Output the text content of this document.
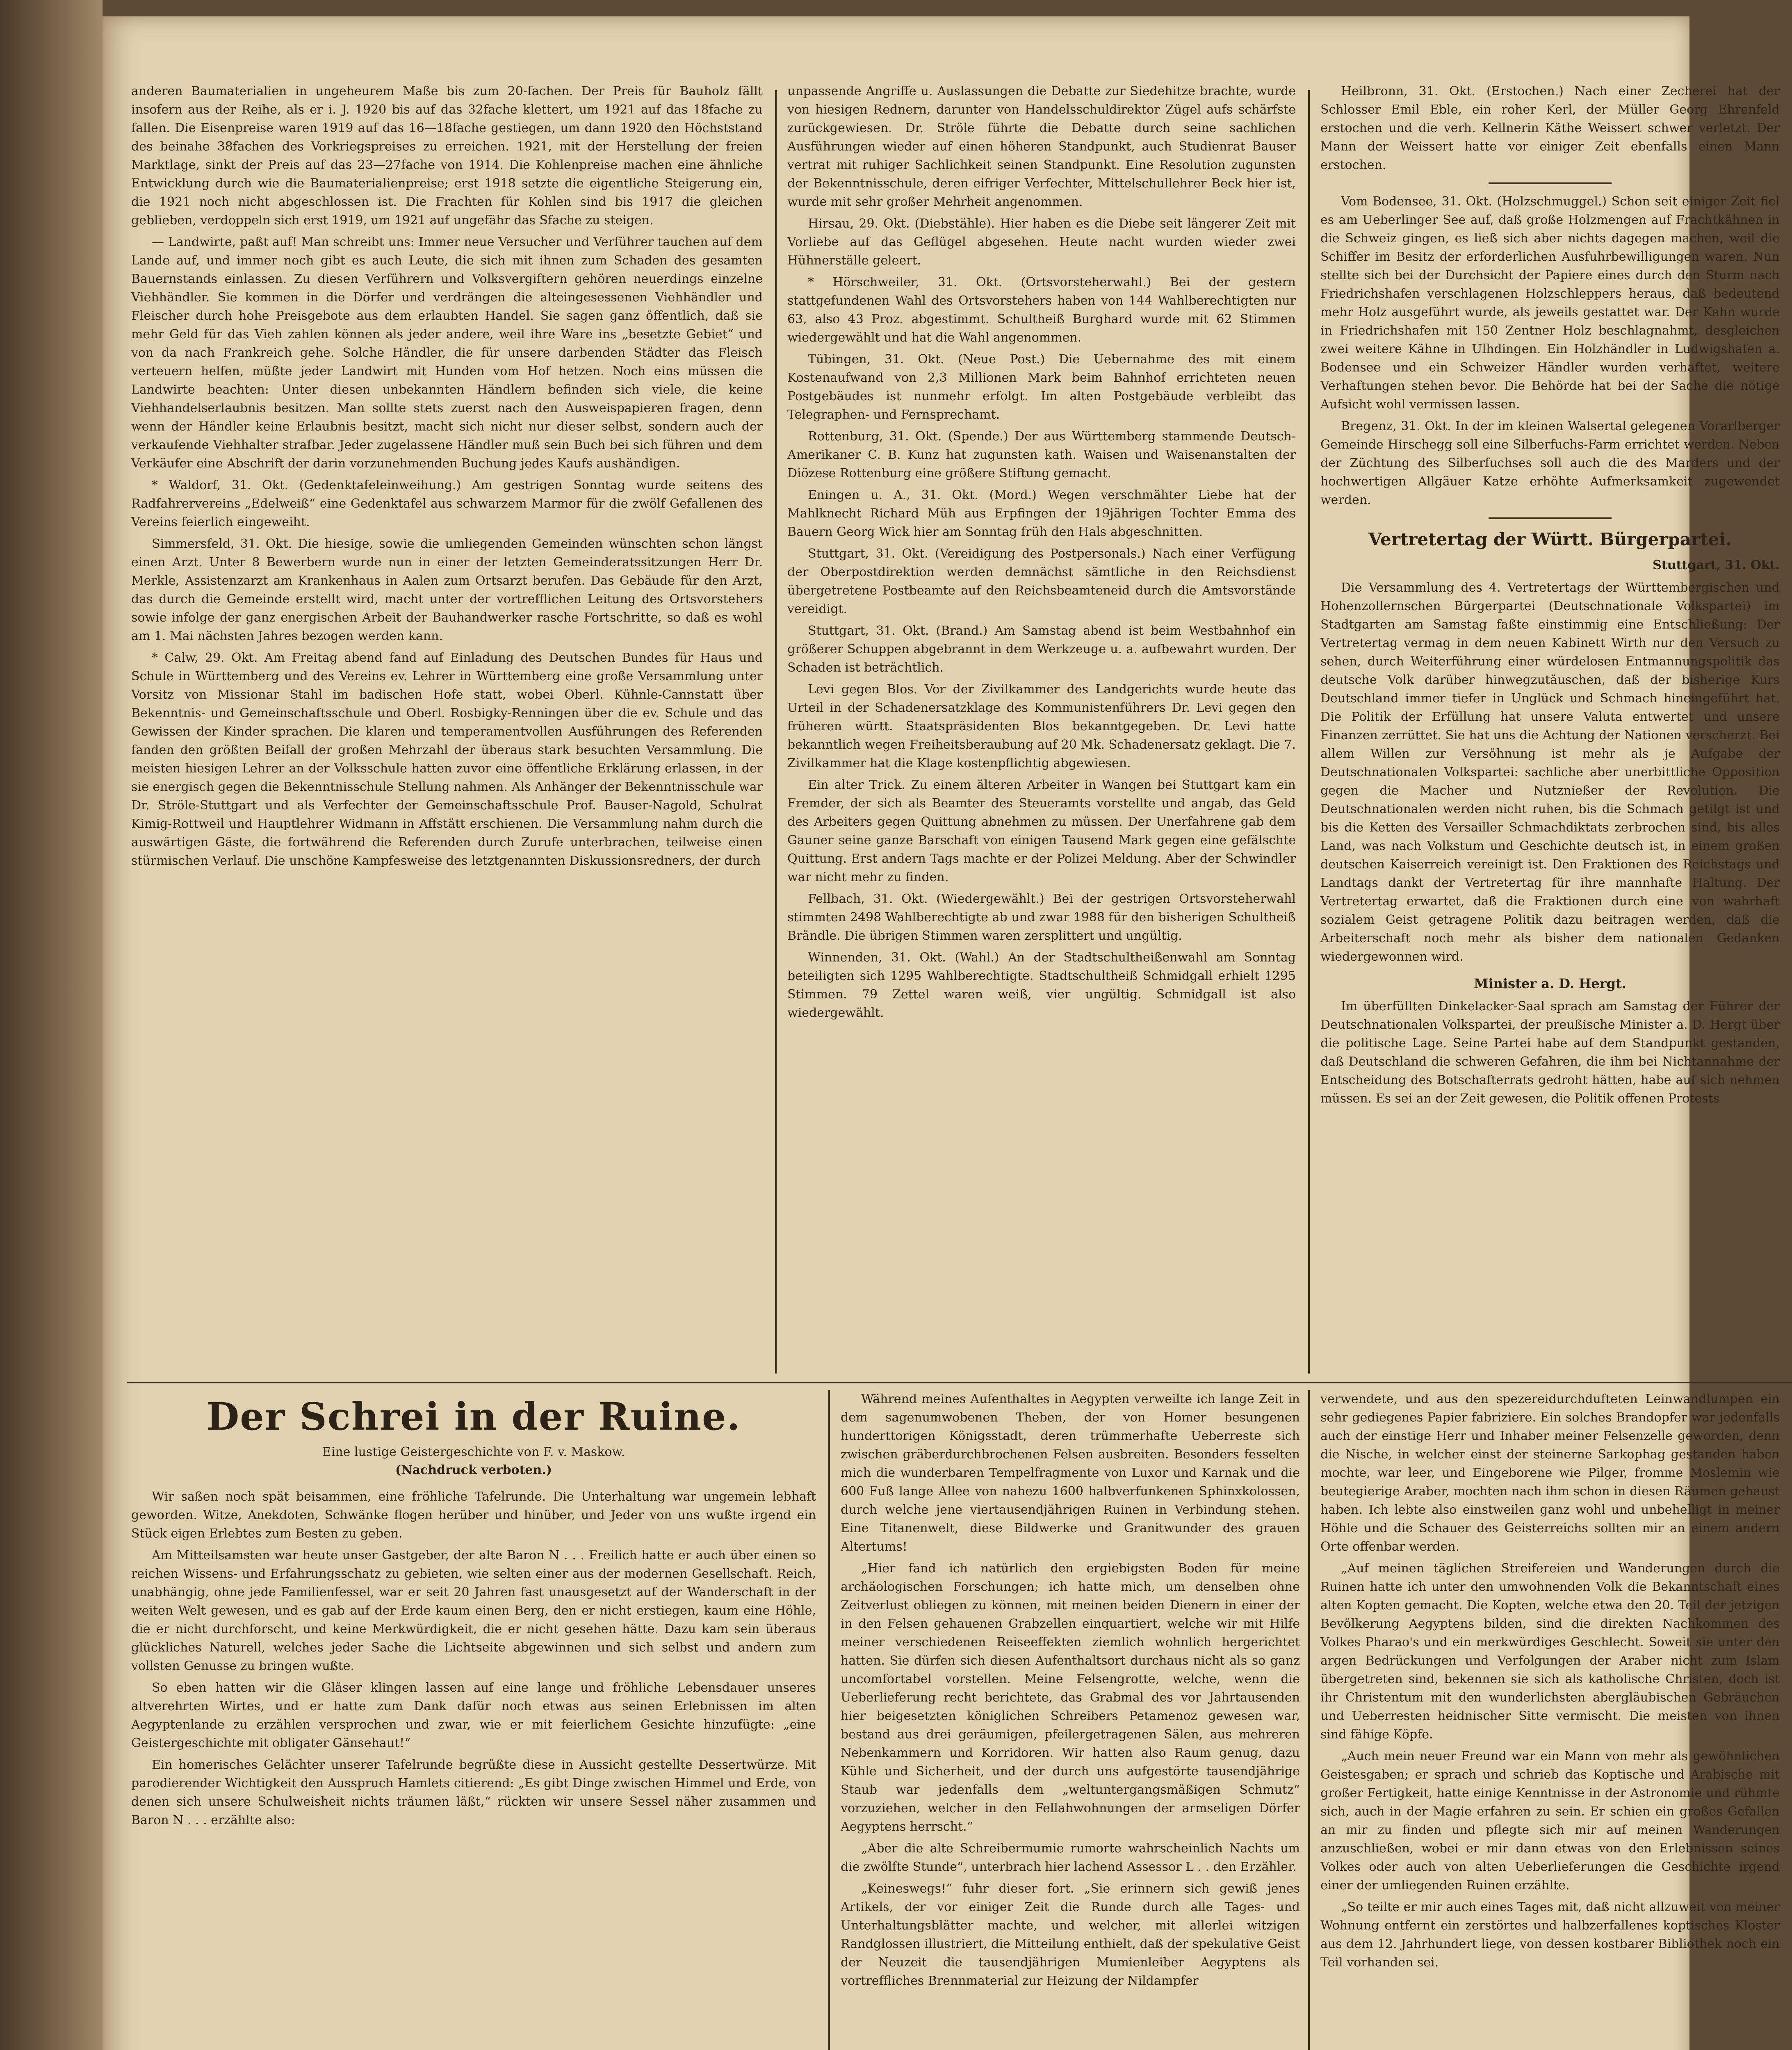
anderen Baumaterialien in ungeheurem Maße bis zum 20-fachen. Der Preis für Bauholz fällt insofern aus der Reihe, als er i. J. 1920 bis auf das 32fache klettert, um 1921 auf das 18fache zu fallen. Die Eisenpreise waren 1919 auf das 16—18fache gestiegen, um dann 1920 den Höchststand des beinahe 38fachen des Vorkriegspreises zu erreichen. 1921, mit der Herstellung der freien Marktlage, sinkt der Preis auf das 23—27fache von 1914. Die Kohlenpreise machen eine ähnliche Entwicklung durch wie die Baumaterialienpreise; erst 1918 setzte die eigentliche Steigerung ein, die 1921 noch nicht abgeschlossen ist. Die Frachten für Kohlen sind bis 1917 die gleichen geblieben, verdoppeln sich erst 1919, um 1921 auf ungefähr das Sfache zu steigen.

— Landwirte, paßt auf! Man schreibt uns: Immer neue Versucher und Verführer tauchen auf dem Lande auf, und immer noch gibt es auch Leute, die sich mit ihnen zum Schaden des gesamten Bauernstands einlassen. Zu diesen Verführern und Volksvergiftern gehören neuerdings einzelne Viehhändler. Sie kommen in die Dörfer und verdrängen die alteingesessenen Viehhändler und Fleischer durch hohe Preisgebote aus dem erlaubten Handel. Sie sagen ganz öffentlich, daß sie mehr Geld für das Vieh zahlen können als jeder andere, weil ihre Ware ins „besetzte Gebiet“ und von da nach Frankreich gehe. Solche Händler, die für unsere darbenden Städter das Fleisch verteuern helfen, müßte jeder Landwirt mit Hunden vom Hof hetzen. Noch eins müssen die Landwirte beachten: Unter diesen unbekannten Händlern befinden sich viele, die keine Viehhandelserlaubnis besitzen. Man sollte stets zuerst nach den Ausweispapieren fragen, denn wenn der Händler keine Erlaubnis besitzt, macht sich nicht nur dieser selbst, sondern auch der verkaufende Viehhalter strafbar. Jeder zugelassene Händler muß sein Buch bei sich führen und dem Verkäufer eine Abschrift der darin vorzunehmenden Buchung jedes Kaufs aushändigen.

* Waldorf, 31. Okt. (Gedenktafeleinweihung.) Am gestrigen Sonntag wurde seitens des Radfahrervereins „Edelweiß“ eine Gedenktafel aus schwarzem Marmor für die zwölf Gefallenen des Vereins feierlich eingeweiht.

Simmersfeld, 31. Okt. Die hiesige, sowie die umliegenden Gemeinden wünschten schon längst einen Arzt. Unter 8 Bewerbern wurde nun in einer der letzten Gemeinderatssitzungen Herr Dr. Merkle, Assistenzarzt am Krankenhaus in Aalen zum Ortsarzt berufen. Das Gebäude für den Arzt, das durch die Gemeinde erstellt wird, macht unter der vortrefflichen Leitung des Ortsvorstehers sowie infolge der ganz energischen Arbeit der Bauhandwerker rasche Fortschritte, so daß es wohl am 1. Mai nächsten Jahres bezogen werden kann.

* Calw, 29. Okt. Am Freitag abend fand auf Einladung des Deutschen Bundes für Haus und Schule in Württemberg und des Vereins ev. Lehrer in Württemberg eine große Versammlung unter Vorsitz von Missionar Stahl im badischen Hofe statt, wobei Oberl. Kühnle-Cannstatt über Bekenntnis- und Gemeinschaftsschule und Oberl. Rosbigky-Renningen über die ev. Schule und das Gewissen der Kinder sprachen. Die klaren und temperamentvollen Ausführungen des Referenden fanden den größten Beifall der großen Mehrzahl der überaus stark besuchten Versammlung. Die meisten hiesigen Lehrer an der Volksschule hatten zuvor eine öffentliche Erklärung erlassen, in der sie energisch gegen die Bekenntnisschule Stellung nahmen. Als Anhänger der Bekenntnisschule war Dr. Ströle-Stuttgart und als Verfechter der Gemeinschaftsschule Prof. Bauser-Nagold, Schulrat Kimig-Rottweil und Hauptlehrer Widmann in Affstätt erschienen. Die Versammlung nahm durch die auswärtigen Gäste, die fortwährend die Referenden durch Zurufe unterbrachen, teilweise einen stürmischen Verlauf. Die unschöne Kampfesweise des letztgenannten Diskussionsredners, der durch

unpassende Angriffe u. Auslassungen die Debatte zur Siedehitze brachte, wurde von hiesigen Rednern, darunter von Handelsschuldirektor Zügel aufs schärfste zurückgewiesen. Dr. Ströle führte die Debatte durch seine sachlichen Ausführungen wieder auf einen höheren Standpunkt, auch Studienrat Bauser vertrat mit ruhiger Sachlichkeit seinen Standpunkt. Eine Resolution zugunsten der Bekenntnisschule, deren eifriger Verfechter, Mittelschullehrer Beck hier ist, wurde mit sehr großer Mehrheit angenommen.

Hirsau, 29. Okt. (Diebstähle). Hier haben es die Diebe seit längerer Zeit mit Vorliebe auf das Geflügel abgesehen. Heute nacht wurden wieder zwei Hühnerställe geleert.

* Hörschweiler, 31. Okt. (Ortsvorsteherwahl.) Bei der gestern stattgefundenen Wahl des Ortsvorstehers haben von 144 Wahlberechtigten nur 63, also 43 Proz. abgestimmt. Schultheiß Burghard wurde mit 62 Stimmen wiedergewählt und hat die Wahl angenommen.

Tübingen, 31. Okt. (Neue Post.) Die Uebernahme des mit einem Kostenaufwand von 2,3 Millionen Mark beim Bahnhof errichteten neuen Postgebäudes ist nunmehr erfolgt. Im alten Postgebäude verbleibt das Telegraphen- und Fernsprechamt.

Rottenburg, 31. Okt. (Spende.) Der aus Württemberg stammende Deutsch-Amerikaner C. B. Kunz hat zugunsten kath. Waisen und Waisenanstalten der Diözese Rottenburg eine größere Stiftung gemacht.

Eningen u. A., 31. Okt. (Mord.) Wegen verschmähter Liebe hat der Mahlknecht Richard Müh aus Erpfingen der 19jährigen Tochter Emma des Bauern Georg Wick hier am Sonntag früh den Hals abgeschnitten.

Stuttgart, 31. Okt. (Vereidigung des Postpersonals.) Nach einer Verfügung der Oberpostdirektion werden demnächst sämtliche in den Reichsdienst übergetretene Postbeamte auf den Reichsbeamteneid durch die Amtsvorstände vereidigt.

Stuttgart, 31. Okt. (Brand.) Am Samstag abend ist beim Westbahnhof ein größerer Schuppen abgebrannt in dem Werkzeuge u. a. aufbewahrt wurden. Der Schaden ist beträchtlich.

Levi gegen Blos. Vor der Zivilkammer des Landgerichts wurde heute das Urteil in der Schadenersatzklage des Kommunistenführers Dr. Levi gegen den früheren württ. Staatspräsidenten Blos bekanntgegeben. Dr. Levi hatte bekanntlich wegen Freiheitsberaubung auf 20 Mk. Schadenersatz geklagt. Die 7. Zivilkammer hat die Klage kostenpflichtig abgewiesen.

Ein alter Trick. Zu einem älteren Arbeiter in Wangen bei Stuttgart kam ein Fremder, der sich als Beamter des Steueramts vorstellte und angab, das Geld des Arbeiters gegen Quittung abnehmen zu müssen. Der Unerfahrene gab dem Gauner seine ganze Barschaft von einigen Tausend Mark gegen eine gefälschte Quittung. Erst andern Tags machte er der Polizei Meldung. Aber der Schwindler war nicht mehr zu finden.

Fellbach, 31. Okt. (Wiedergewählt.) Bei der gestrigen Ortsvorsteherwahl stimmten 2498 Wahlberechtigte ab und zwar 1988 für den bisherigen Schultheiß Brändle. Die übrigen Stimmen waren zersplittert und ungültig.

Winnenden, 31. Okt. (Wahl.) An der Stadtschultheißenwahl am Sonntag beteiligten sich 1295 Wahlberechtigte. Stadtschultheiß Schmidgall erhielt 1295 Stimmen. 79 Zettel waren weiß, vier ungültig. Schmidgall ist also wiedergewählt.

Heilbronn, 31. Okt. (Erstochen.) Nach einer Zecherei hat der Schlosser Emil Eble, ein roher Kerl, der Müller Georg Ehrenfeld erstochen und die verh. Kellnerin Käthe Weissert schwer verletzt. Der Mann der Weissert hatte vor einiger Zeit ebenfalls einen Mann erstochen.

Vom Bodensee, 31. Okt. (Holzschmuggel.) Schon seit einiger Zeit fiel es am Ueberlinger See auf, daß große Holzmengen auf Frachtkähnen in die Schweiz gingen, es ließ sich aber nichts dagegen machen, weil die Schiffer im Besitz der erforderlichen Ausfuhrbewilligungen waren. Nun stellte sich bei der Durchsicht der Papiere eines durch den Sturm nach Friedrichshafen verschlagenen Holzschleppers heraus, daß bedeutend mehr Holz ausgeführt wurde, als jeweils gestattet war. Der Kahn wurde in Friedrichshafen mit 150 Zentner Holz beschlagnahmt, desgleichen zwei weitere Kähne in Ulhdingen. Ein Holzhändler in Ludwigshafen a. Bodensee und ein Schweizer Händler wurden verhaftet, weitere Verhaftungen stehen bevor. Die Behörde hat bei der Sache die nötige Aufsicht wohl vermissen lassen.

Bregenz, 31. Okt. In der im kleinen Walsertal gelegenen Vorarlberger Gemeinde Hirschegg soll eine Silberfuchs-Farm errichtet werden. Neben der Züchtung des Silberfuchses soll auch die des Marders und der hochwertigen Allgäuer Katze erhöhte Aufmerksamkeit zugewendet werden.

Vertretertag der Württ. Bürgerpartei.
Stuttgart, 31. Okt.

Die Versammlung des 4. Vertretertags der Württembergischen und Hohenzollernschen Bürgerpartei (Deutschnationale Volkspartei) im Stadtgarten am Samstag faßte einstimmig eine Entschließung: Der Vertretertag vermag in dem neuen Kabinett Wirth nur den Versuch zu sehen, durch Weiterführung einer würdelosen Entmannungspolitik das deutsche Volk darüber hinwegzutäuschen, daß der bisherige Kurs Deutschland immer tiefer in Unglück und Schmach hineingeführt hat. Die Politik der Erfüllung hat unsere Valuta entwertet und unsere Finanzen zerrüttet. Sie hat uns die Achtung der Nationen verscherzt. Bei allem Willen zur Versöhnung ist mehr als je Aufgabe der Deutschnationalen Volkspartei: sachliche aber unerbittliche Opposition gegen die Macher und Nutznießer der Revolution. Die Deutschnationalen werden nicht ruhen, bis die Schmach getilgt ist und bis die Ketten des Versailler Schmachdiktats zerbrochen sind, bis alles Land, was nach Volkstum und Geschichte deutsch ist, in einem großen deutschen Kaiserreich vereinigt ist. Den Fraktionen des Reichstags und Landtags dankt der Vertretertag für ihre mannhafte Haltung. Der Vertretertag erwartet, daß die Fraktionen durch eine von wahrhaft sozialem Geist getragene Politik dazu beitragen werden, daß die Arbeiterschaft noch mehr als bisher dem nationalen Gedanken wiedergewonnen wird.

Minister a. D. Hergt.

Im überfüllten Dinkelacker-Saal sprach am Samstag der Führer der Deutschnationalen Volkspartei, der preußische Minister a. D. Hergt über die politische Lage. Seine Partei habe auf dem Standpunkt gestanden, daß Deutschland die schweren Gefahren, die ihm bei Nichtannahme der Entscheidung des Botschafterrats gedroht hätten, habe auf sich nehmen müssen. Es sei an der Zeit gewesen, die Politik offenen Protests

Der Schrei in der Ruine.
Eine lustige Geistergeschichte von F. v. Maskow.
(Nachdruck verboten.)

Wir saßen noch spät beisammen, eine fröhliche Tafelrunde. Die Unterhaltung war ungemein lebhaft geworden. Witze, Anekdoten, Schwänke flogen herüber und hinüber, und Jeder von uns wußte irgend ein Stück eigen Erlebtes zum Besten zu geben.

Am Mitteilsamsten war heute unser Gastgeber, der alte Baron N . . . Freilich hatte er auch über einen so reichen Wissens- und Erfahrungsschatz zu gebieten, wie selten einer aus der modernen Gesellschaft. Reich, unabhängig, ohne jede Familienfessel, war er seit 20 Jahren fast unausgesetzt auf der Wanderschaft in der weiten Welt gewesen, und es gab auf der Erde kaum einen Berg, den er nicht erstiegen, kaum eine Höhle, die er nicht durchforscht, und keine Merkwürdigkeit, die er nicht gesehen hätte. Dazu kam sein überaus glückliches Naturell, welches jeder Sache die Lichtseite abgewinnen und sich selbst und andern zum vollsten Genusse zu bringen wußte.

So eben hatten wir die Gläser klingen lassen auf eine lange und fröhliche Lebensdauer unseres altverehrten Wirtes, und er hatte zum Dank dafür noch etwas aus seinen Erlebnissen im alten Aegyptenlande zu erzählen versprochen und zwar, wie er mit feierlichem Gesichte hinzufügte: „eine Geistergeschichte mit obligater Gänsehaut!“

Ein homerisches Gelächter unserer Tafelrunde begrüßte diese in Aussicht gestellte Dessertwürze. Mit parodierender Wichtigkeit den Ausspruch Hamlets citierend: „Es gibt Dinge zwischen Himmel und Erde, von denen sich unsere Schulweisheit nichts träumen läßt,“ rückten wir unsere Sessel näher zusammen und Baron N . . . erzählte also:

Während meines Aufenthaltes in Aegypten verweilte ich lange Zeit in dem sagenumwobenen Theben, der von Homer besungenen hunderttorigen Königsstadt, deren trümmerhafte Ueberreste sich zwischen gräberdurchbrochenen Felsen ausbreiten. Besonders fesselten mich die wunderbaren Tempelfragmente von Luxor und Karnak und die 600 Fuß lange Allee von nahezu 1600 halbverfunkenen Sphinxkolossen, durch welche jene viertausendjährigen Ruinen in Verbindung stehen. Eine Titanenwelt, diese Bildwerke und Granitwunder des grauen Altertums!

„Hier fand ich natürlich den ergiebigsten Boden für meine archäologischen Forschungen; ich hatte mich, um denselben ohne Zeitverlust obliegen zu können, mit meinen beiden Dienern in einer der in den Felsen gehauenen Grabzellen einquartiert, welche wir mit Hilfe meiner verschiedenen Reiseeffekten ziemlich wohnlich hergerichtet hatten. Sie dürfen sich diesen Aufenthaltsort durchaus nicht als so ganz uncomfortabel vorstellen. Meine Felsengrotte, welche, wenn die Ueberlieferung recht berichtete, das Grabmal des vor Jahrtausenden hier beigesetzten königlichen Schreibers Petamenoz gewesen war, bestand aus drei geräumigen, pfeilergetragenen Sälen, aus mehreren Nebenkammern und Korridoren. Wir hatten also Raum genug, dazu Kühle und Sicherheit, und der durch uns aufgestörte tausendjährige Staub war jedenfalls dem „weltuntergangsmäßigen Schmutz“ vorzuziehen, welcher in den Fellahwohnungen der armseligen Dörfer Aegyptens herrscht.“

„Aber die alte Schreibermumie rumorte wahrscheinlich Nachts um die zwölfte Stunde“, unterbrach hier lachend Assessor L . . den Erzähler.

„Keineswegs!“ fuhr dieser fort. „Sie erinnern sich gewiß jenes Artikels, der vor einiger Zeit die Runde durch alle Tages- und Unterhaltungsblätter machte, und welcher, mit allerlei witzigen Randglossen illustriert, die Mitteilung enthielt, daß der spekulative Geist der Neuzeit die tausendjährigen Mumienleiber Aegyptens als vortreffliches Brennmaterial zur Heizung der Nildampfer

verwendete, und aus den spezereidurchdufteten Leinwandlumpen ein sehr gediegenes Papier fabriziere. Ein solches Brandopfer war jedenfalls auch der einstige Herr und Inhaber meiner Felsenzelle geworden, denn die Nische, in welcher einst der steinerne Sarkophag gestanden haben mochte, war leer, und Eingeborene wie Pilger, fromme Moslemin wie beutegierige Araber, mochten nach ihm schon in diesen Räumen gehaust haben. Ich lebte also einstweilen ganz wohl und unbehelligt in meiner Höhle und die Schauer des Geisterreichs sollten mir an einem andern Orte offenbar werden.

„Auf meinen täglichen Streifereien und Wanderungen durch die Ruinen hatte ich unter den umwohnenden Volk die Bekanntschaft eines alten Kopten gemacht. Die Kopten, welche etwa den 20. Teil der jetzigen Bevölkerung Aegyptens bilden, sind die direkten Nachkommen des Volkes Pharao's und ein merkwürdiges Geschlecht. Soweit sie unter den argen Bedrückungen und Verfolgungen der Araber nicht zum Islam übergetreten sind, bekennen sie sich als katholische Christen, doch ist ihr Christentum mit den wunderlichsten abergläubischen Gebräuchen und Ueberresten heidnischer Sitte vermischt. Die meisten von ihnen sind fähige Köpfe.

„Auch mein neuer Freund war ein Mann von mehr als gewöhnlichen Geistesgaben; er sprach und schrieb das Koptische und Arabische mit großer Fertigkeit, hatte einige Kenntnisse in der Astronomie und rühmte sich, auch in der Magie erfahren zu sein. Er schien ein großes Gefallen an mir zu finden und pflegte sich mir auf meinen Wanderungen anzuschließen, wobei er mir dann etwas von den Erlebnissen seines Volkes oder auch von alten Ueberlieferungen die Geschichte irgend einer der umliegenden Ruinen erzählte.

„So teilte er mir auch eines Tages mit, daß nicht allzuweit von meiner Wohnung entfernt ein zerstörtes und halbzerfallenes koptisches Kloster aus dem 12. Jahrhundert liege, von dessen kostbarer Bibliothek noch ein Teil vorhanden sei.
